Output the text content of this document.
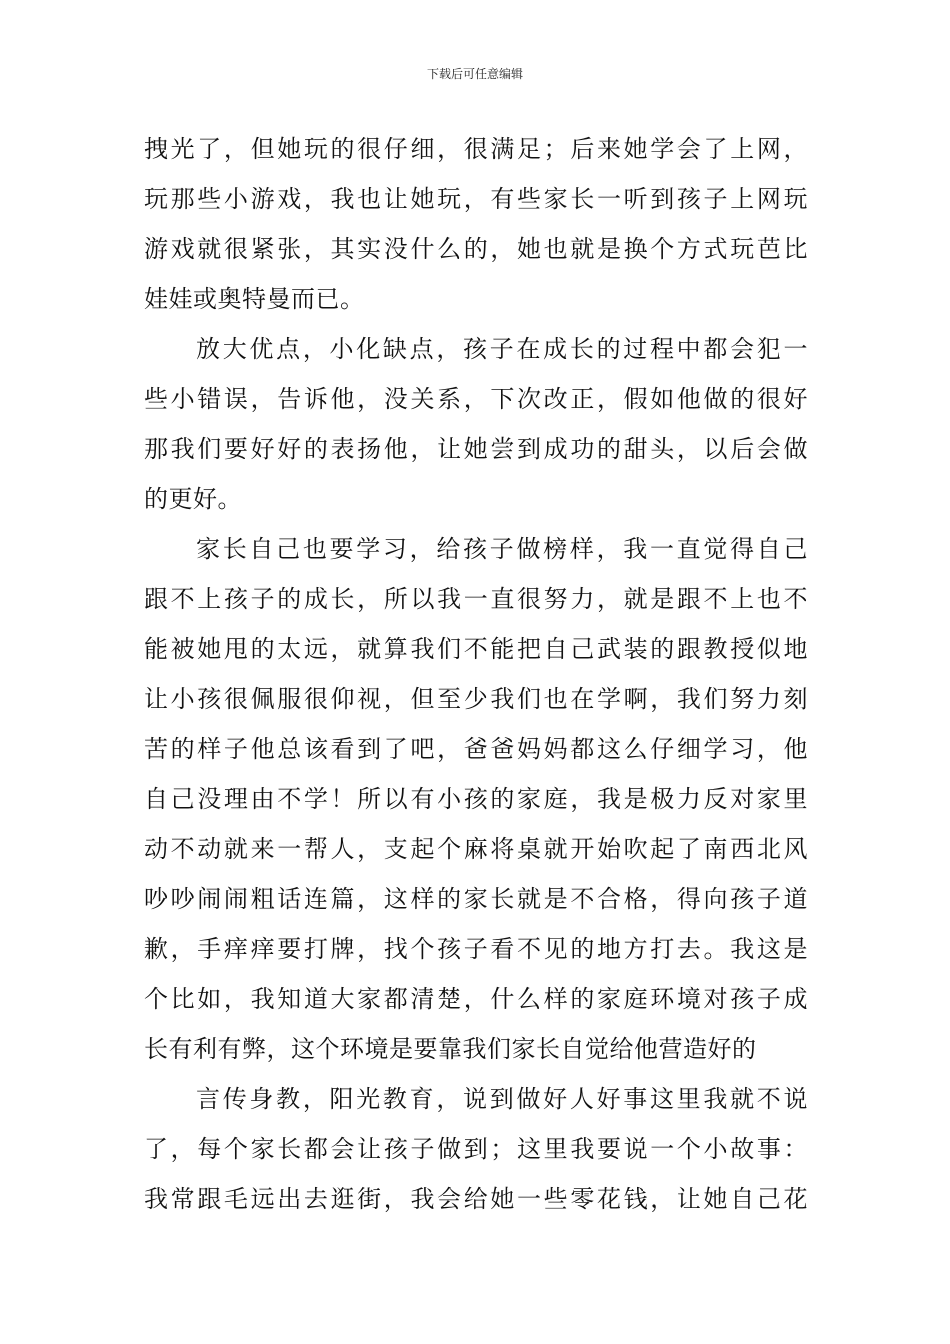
下载后可任意编辑
拽光了，但她玩的很仔细，很满足；后来她学会了上网，
玩那些小游戏，我也让她玩，有些家长一听到孩子上网玩
游戏就很紧张，其实没什么的，她也就是换个方式玩芭比
娃娃或奥特曼而已。
放大优点，小化缺点，孩子在成长的过程中都会犯一
些小错误，告诉他，没关系，下次改正，假如他做的很好
那我们要好好的表扬他，让她尝到成功的甜头，以后会做
的更好。
家长自己也要学习，给孩子做榜样，我一直觉得自己
跟不上孩子的成长，所以我一直很努力，就是跟不上也不
能被她甩的太远，就算我们不能把自己武装的跟教授似地
让小孩很佩服很仰视，但至少我们也在学啊，我们努力刻
苦的样子他总该看到了吧，爸爸妈妈都这么仔细学习，他
自己没理由不学！所以有小孩的家庭，我是极力反对家里
动不动就来一帮人，支起个麻将桌就开始吹起了南西北风
吵吵闹闹粗话连篇，这样的家长就是不合格，得向孩子道
歉，手痒痒要打牌，找个孩子看不见的地方打去。我这是
个比如，我知道大家都清楚，什么样的家庭环境对孩子成
长有利有弊，这个环境是要靠我们家长自觉给他营造好的
言传身教，阳光教育，说到做好人好事这里我就不说
了，每个家长都会让孩子做到；这里我要说一个小故事：
我常跟毛远出去逛街，我会给她一些零花钱，让她自己花
